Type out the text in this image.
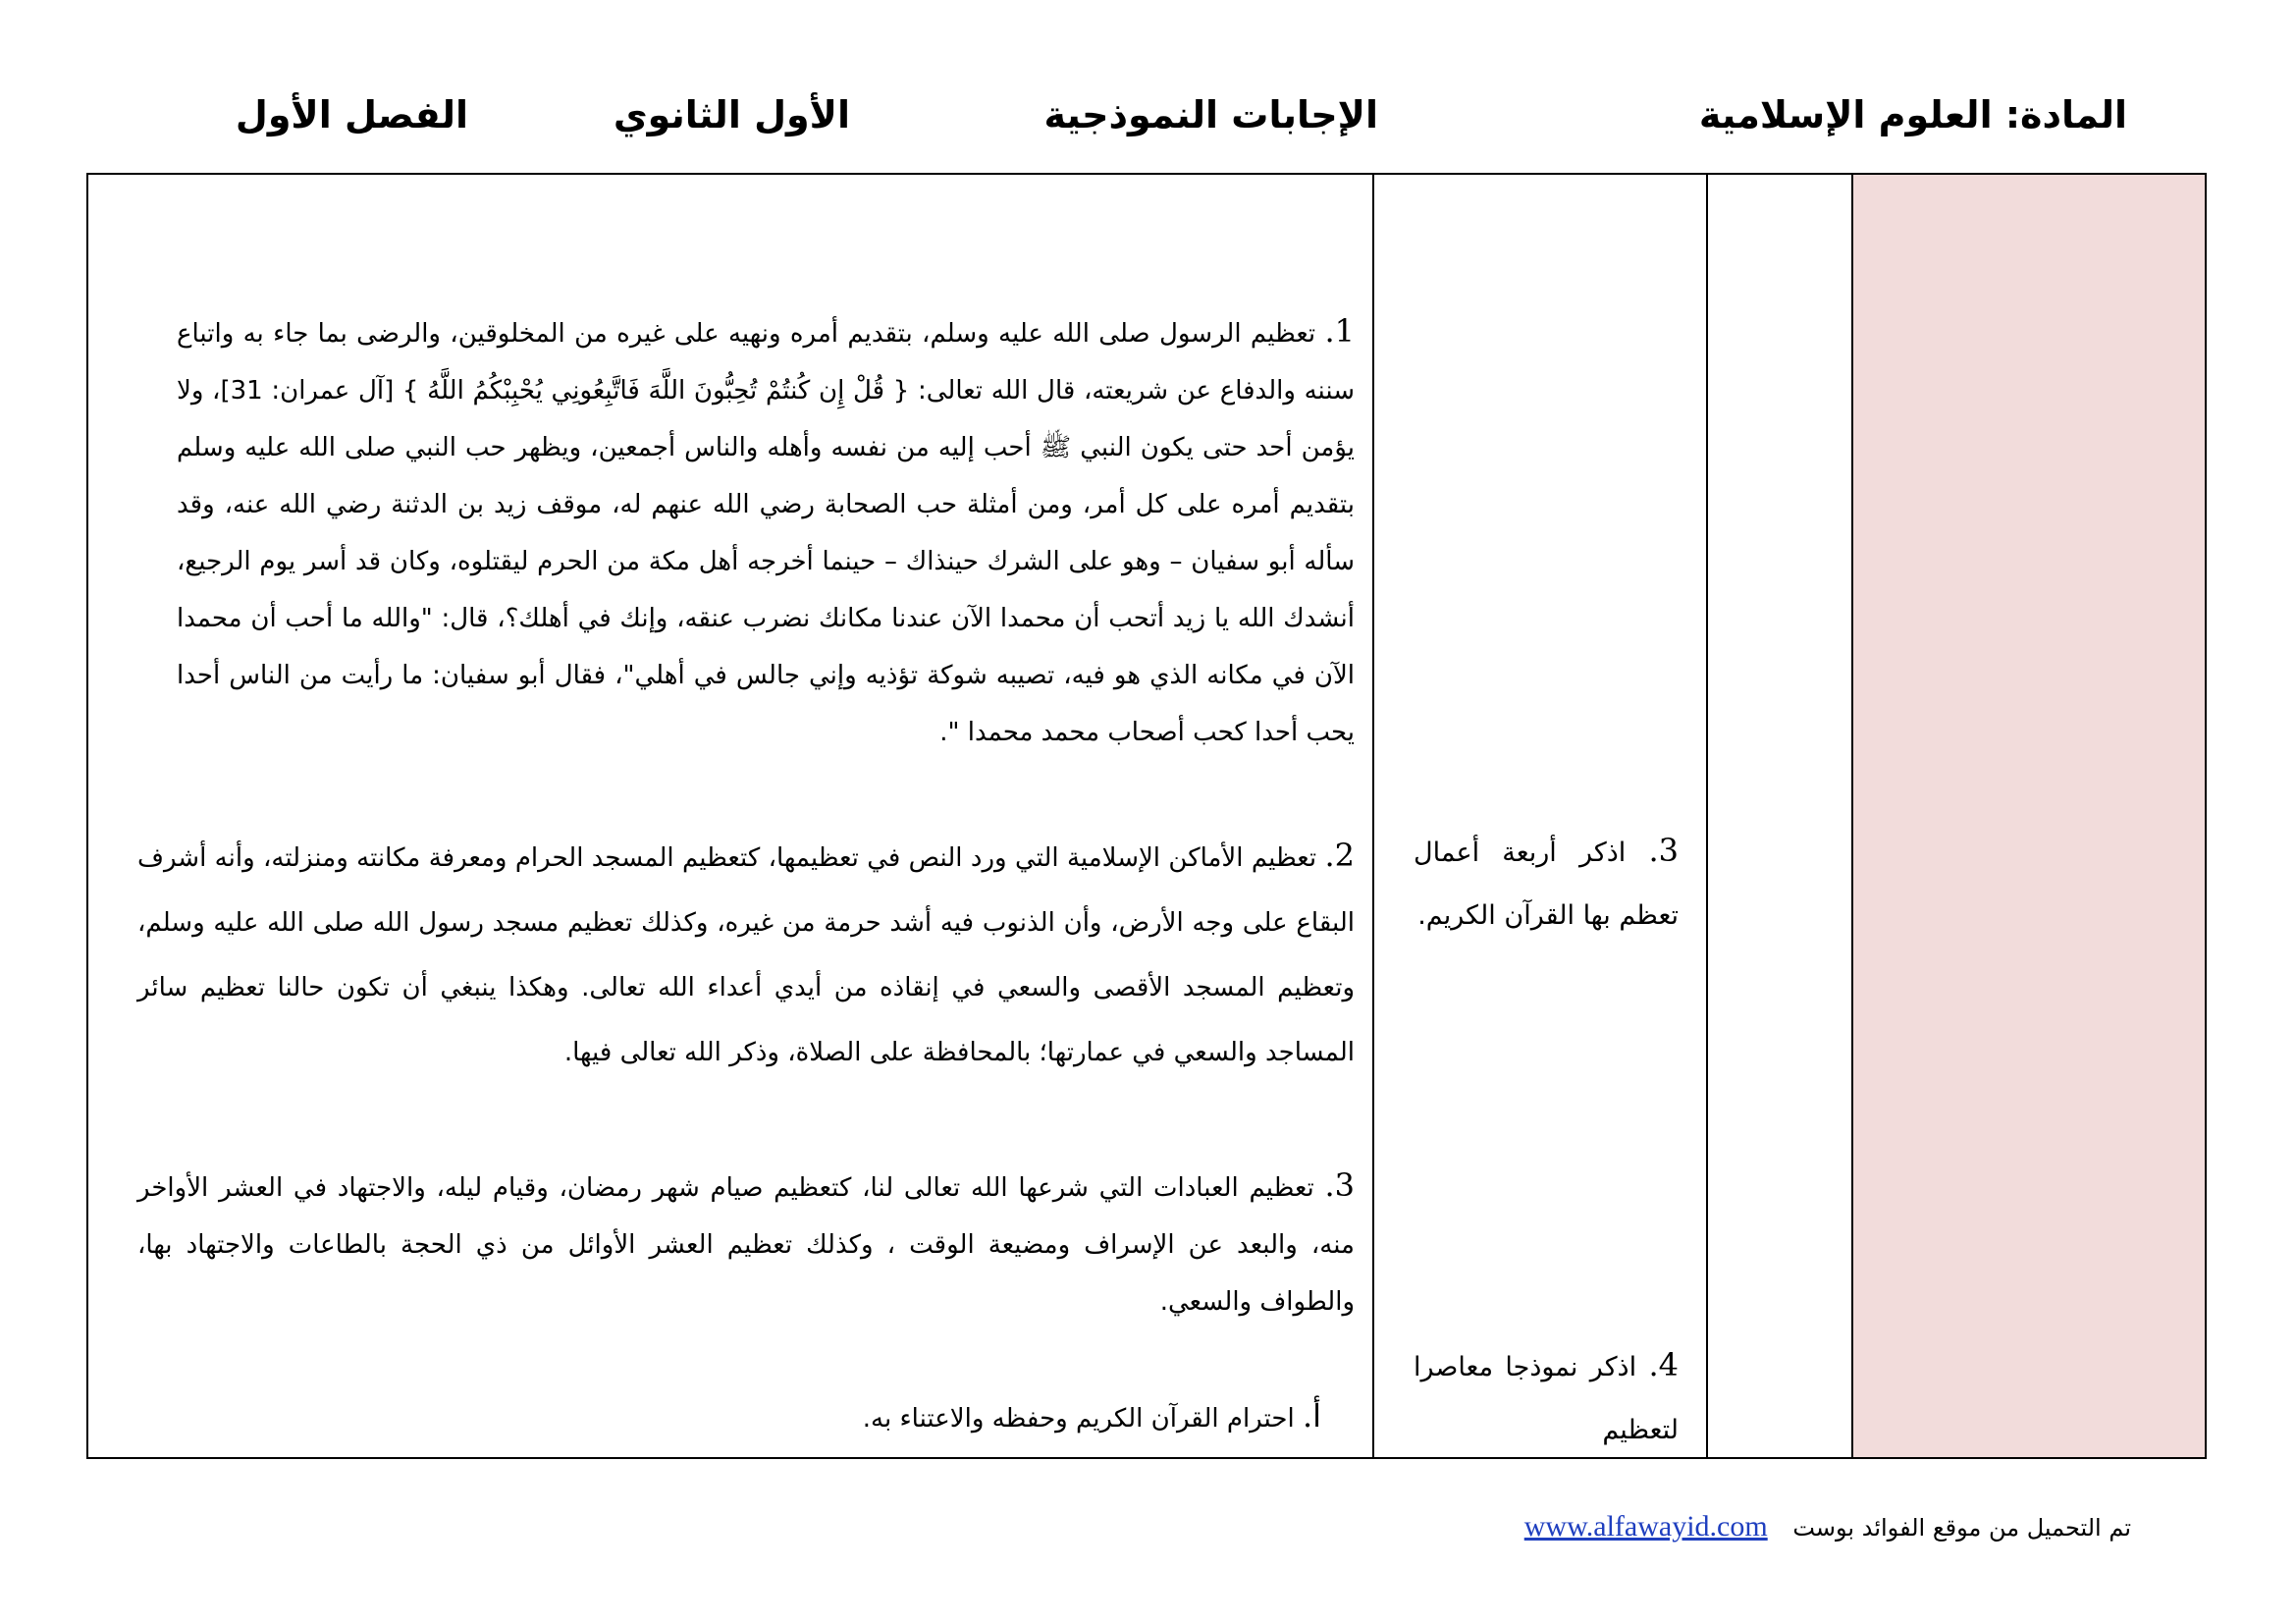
المادة: العلوم الإسلامية
الإجابات النموذجية
الأول الثانوي
الفصل الأول
3. اذكر أربعة أعمال تعظم بها القرآن الكريم.
4. اذكر نموذجا معاصرا لتعظيم
1. تعظيم الرسول صلى الله عليه وسلم، بتقديم أمره ونهيه على غيره من المخلوقين، والرضى بما جاء به واتباع سننه والدفاع عن شريعته، قال الله تعالى: { قُلْ إِن كُنتُمْ تُحِبُّونَ اللَّهَ فَاتَّبِعُونِي يُحْبِبْكُمُ اللَّهُ } [آل عمران: 31]، ولا يؤمن أحد حتى يكون النبي ﷺ أحب إليه من نفسه وأهله والناس أجمعين، ويظهر حب النبي صلى الله عليه وسلم بتقديم أمره على كل أمر، ومن أمثلة حب الصحابة رضي الله عنهم له، موقف زيد بن الدثنة رضي الله عنه، وقد سأله أبو سفيان – وهو على الشرك حينذاك – حينما أخرجه أهل مكة من الحرم ليقتلوه، وكان قد أسر يوم الرجيع، أنشدك الله يا زيد أتحب أن محمدا الآن عندنا مكانك نضرب عنقه، وإنك في أهلك؟، قال: "والله ما أحب أن محمدا الآن في مكانه الذي هو فيه، تصيبه شوكة تؤذيه وإني جالس في أهلي"، فقال أبو سفيان: ما رأيت من الناس أحدا يحب أحدا كحب أصحاب محمد محمدا ".
2. تعظيم الأماكن الإسلامية التي ورد النص في تعظيمها، كتعظيم المسجد الحرام ومعرفة مكانته ومنزلته، وأنه أشرف البقاع على وجه الأرض، وأن الذنوب فيه أشد حرمة من غيره، وكذلك تعظيم مسجد رسول الله صلى الله عليه وسلم، وتعظيم المسجد الأقصى والسعي في إنقاذه من أيدي أعداء الله تعالى. وهكذا ينبغي أن تكون حالنا تعظيم سائر المساجد والسعي في عمارتها؛ بالمحافظة على الصلاة، وذكر الله تعالى فيها.
3. تعظيم العبادات التي شرعها الله تعالى لنا، كتعظيم صيام شهر رمضان، وقيام ليله، والاجتهاد في العشر الأواخر منه، والبعد عن الإسراف ومضيعة الوقت ، وكذلك تعظيم العشر الأوائل من ذي الحجة بالطاعات والاجتهاد بها، والطواف والسعي.
أ. احترام القرآن الكريم وحفظه والاعتناء به.
تم التحميل من موقع الفوائد بوست www.alfawayid.com
